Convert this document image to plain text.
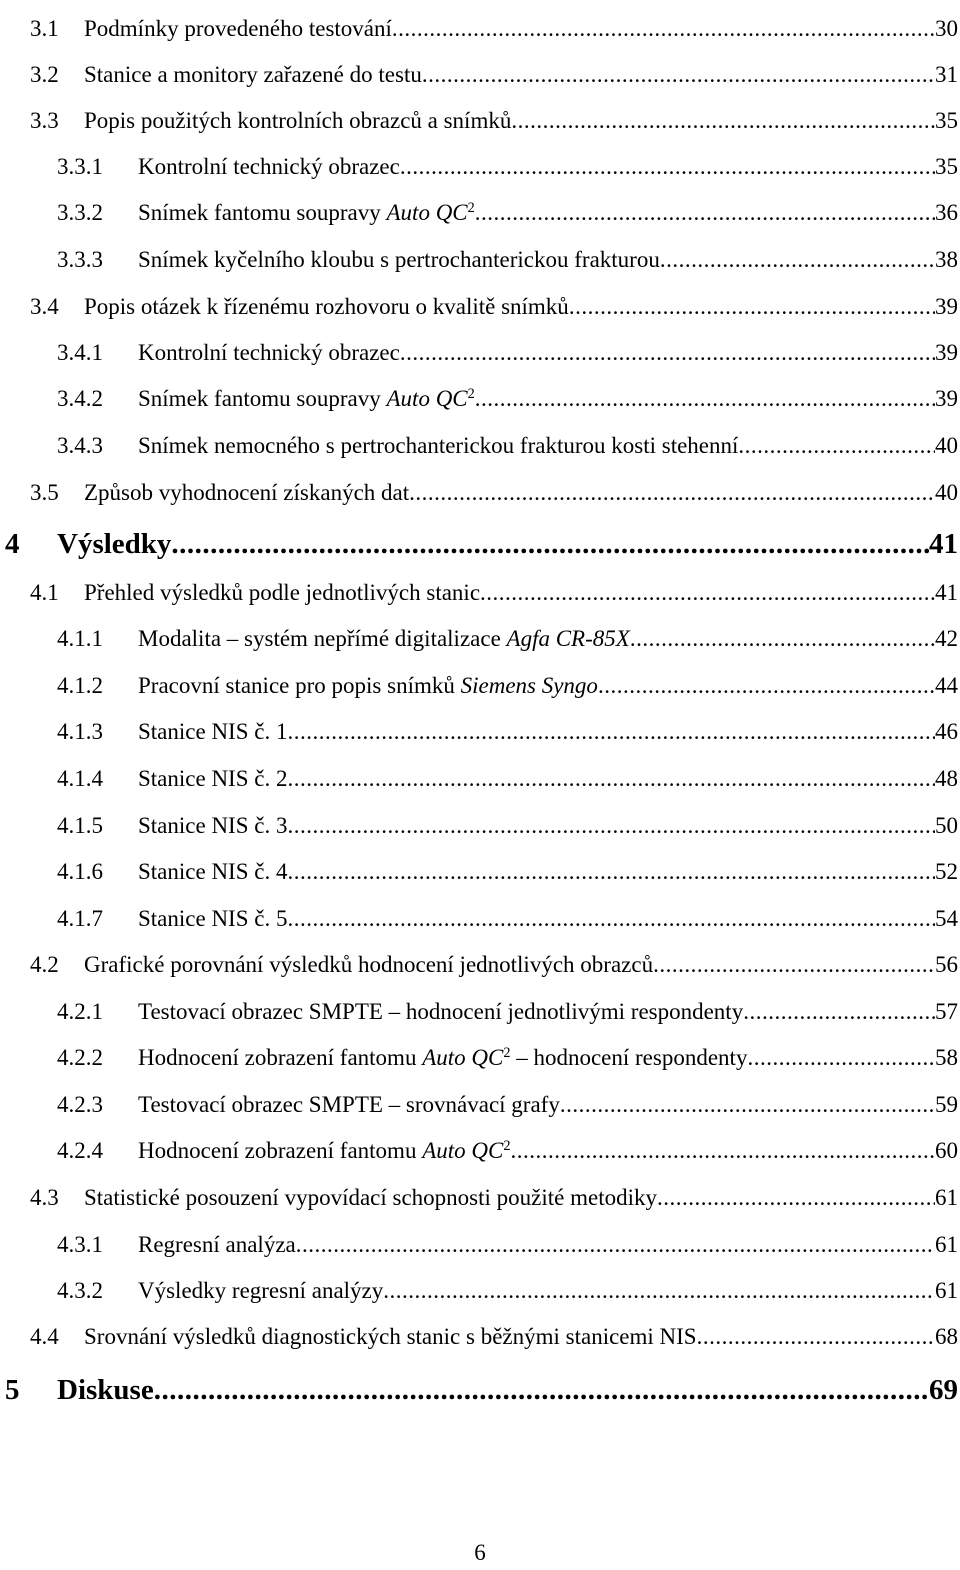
3.1	Podmínky provedeného testování .....	30
3.2	Stanice a monitory zařazené do testu .....	31
3.3	Popis použitých kontrolních obrazců a snímků .....	35
3.3.1	Kontrolní technický obrazec .....	35
3.3.2	Snímek fantomu soupravy Auto $QC^2$ .....	36
3.3.3	Snímek kyčelního kloubu s pertrochanterickou frakturou .....	38
3.4	Popis otázek k řízenému rozhovoru o kvalitě snímků .....	39
3.4.1	Kontrolní technický obrazec .....	39
3.4.2	Snímek fantomu soupravy Auto $QC^2$ .....	39
3.4.3	Snímek nemocného s pertrochanterickou frakturou kosti stehenní .....	40
3.5	Způsob vyhodnocení získaných dat .....	40
4	Výsledky .....	41
4.1	Přehled výsledků podle jednotlivých stanic .....	41
4.1.1	Modalita – systém nepřímé digitalizace Agfa CR-85X .....	42
4.1.2	Pracovní stanice pro popis snímků Siemens Syngo .....	44
4.1.3	Stanice NIS č. 1 .....	46
4.1.4	Stanice NIS č. 2 .....	48
4.1.5	Stanice NIS č. 3 .....	50
4.1.6	Stanice NIS č. 4 .....	52
4.1.7	Stanice NIS č. 5 .....	54
4.2	Grafické porovnání výsledků hodnocení jednotlivých obrazců .....	56
4.2.1	Testovací obrazec SMPTE – hodnocení jednotlivými respondenty .....	57
4.2.2	Hodnocení zobrazení fantomu Auto $QC^2$ – hodnocení respondenty .....	58
4.2.3	Testovací obrazec SMPTE – srovnávací grafy .....	59
4.2.4	Hodnocení zobrazení fantomu Auto $QC^2$ .....	60
4.3	Statistické posouzení vypovídací schopnosti použité metodiky .....	61
4.3.1	Regresní analýza .....	61
4.3.2	Výsledky regresní analýzy .....	61
4.4	Srovnání výsledků diagnostických stanic s běžnými stanicemi NIS .....	68
5	Diskuse .....	69
6
